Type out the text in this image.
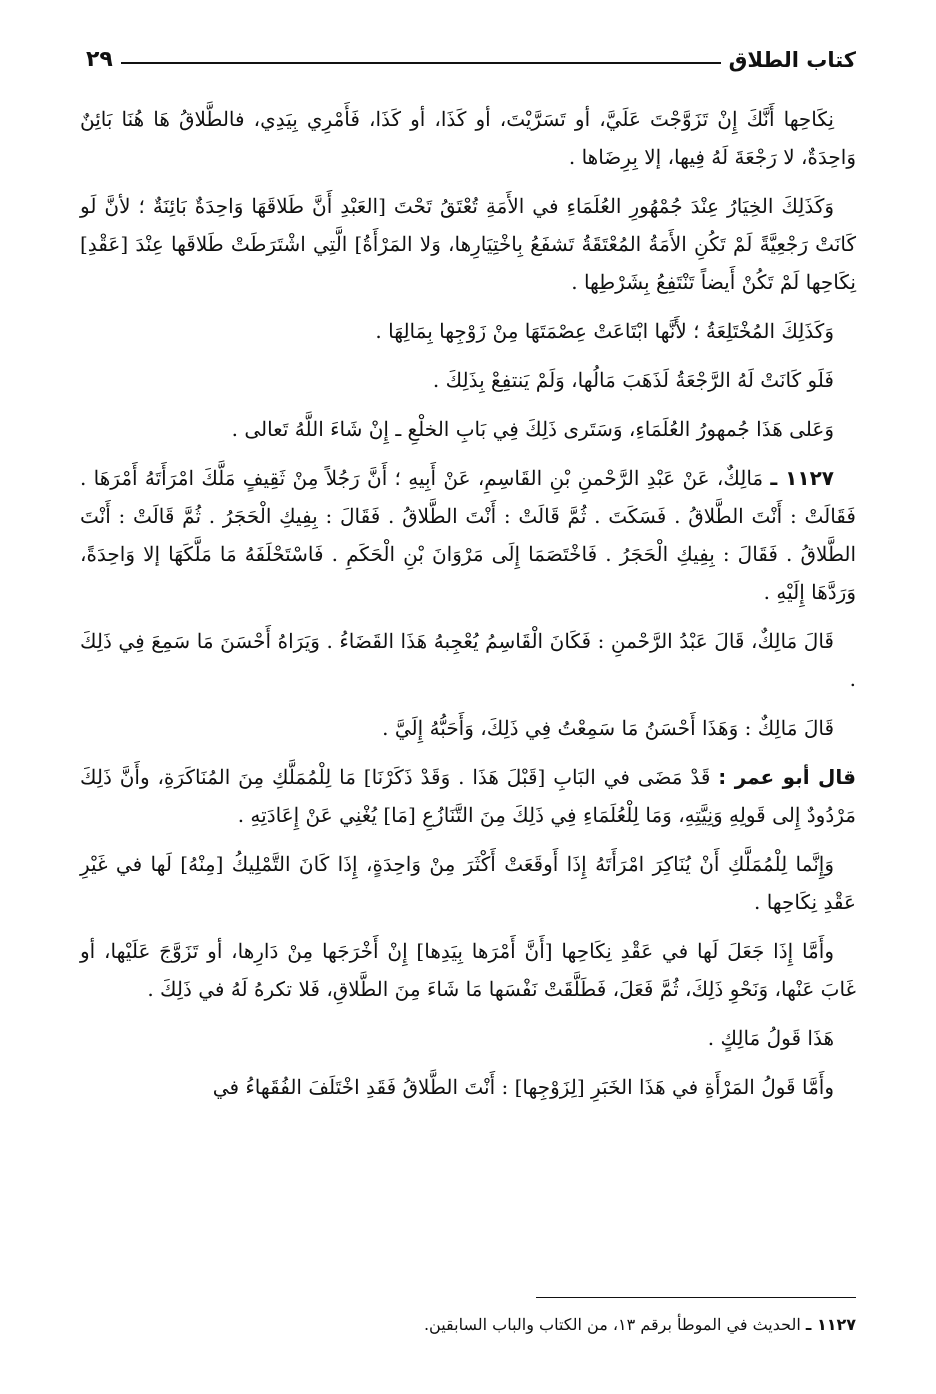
كتاب الطلاق
٢٩

نِكَاحِها أَنَّكَ إِنْ تَزَوَّجْتَ عَلَيَّ، أو تَسَرَّيْتَ، أو كَذَا، أو كَذَا، فَأَمْرِي بِيَدِي، فالطَّلاقُ هَا هُنَا بَائِنٌ وَاحِدَةٌ، لا رَجْعَةَ لَهُ فِيها، إلا بِرِضَاها .

وَكَذَلِكَ الخِيَارُ عِنْدَ جُمْهُورِ العُلَمَاءِ في الأَمَةِ تُعْتَقُ تَحْتَ [العَبْدِ أَنَّ طَلاقَهَا وَاحِدَةٌ بَائِنَةٌ ؛ لأنَّ لَو كَانَتْ رَجْعِيَّةً لَمْ تَكُنِ الأَمَةُ المُعْتَقَةُ تَشفَعُ بِاخْتِيَارِها، وَلا المَرْأَةُ] الَّتِي اشْتَرَطَتْ طَلاقَها عِنْدَ [عَقْدِ] نِكَاحِها لَمْ تَكُنْ أَيضاً تَنْتَفِعُ بِشَرْطِها .

وَكَذَلِكَ المُخْتَلِعَةُ ؛ لأَنَّها ابْتَاعَتْ عِصْمَتَهَا مِنْ زَوْجِها بِمَالِهَا .

فَلَو كَانَتْ لَهُ الرَّجْعَةُ لَذَهَبَ مَالُها، وَلَمْ يَنتفِعْ بِذَلِكَ .

وَعَلى هَذَا جُمهورُ العُلَمَاءِ، وَسَتَرى ذَلِكَ فِي بَابِ الخلْعِ ـ إِنْ شَاءَ اللَّهُ تَعالى .

١١٢٧ ـ مَالِكٌ، عَنْ عَبْدِ الرَّحْمنِ بْنِ القَاسِمِ، عَنْ أَبِيهِ ؛ أَنَّ رَجُلاً مِنْ ثَقِيفٍ مَلَّكَ امْرَأَتَهُ أَمْرَهَا . فَقَالَتْ : أَنْتَ الطَّلاقُ . فَسَكَتَ . ثُمَّ قَالَتْ : أَنْتَ الطَّلاقُ . فَقَالَ : بِفِيكِ الْحَجَرُ . ثُمَّ قَالَتْ : أَنْتَ الطَّلاقُ . فَقَالَ : بِفِيكِ الْحَجَرُ . فَاخْتَصَمَا إِلَى مَرْوَانَ بْنِ الْحَكَمِ . فَاسْتَحْلَفَهُ مَا مَلَّكَهَا إلا وَاحِدَةً، وَرَدَّهَا إِلَيْهِ .

قَالَ مَالِكٌ، قَالَ عَبْدُ الرَّحْمنِ : فَكَانَ الْقَاسِمُ يُعْجِبهُ هَذَا القَضَاءُ . وَيَرَاهُ أَحْسَنَ مَا سَمِعَ فِي ذَلِكَ .

قَالَ مَالِكٌ : وَهَذَا أَحْسَنُ مَا سَمِعْتُ فِي ذَلِكَ، وَأَحَبُّهُ إِلَيَّ .

قال أبو عمر : قَدْ مَضَى في البَابِ [قَبْلَ هَذَا . وَقَدْ ذَكَرْنَا] مَا لِلْمُمَلَّكِ مِنَ المُنَاكَرَةِ، وأَنَّ ذَلِكَ مَرْدُودٌ إِلى قَولِهِ وَنِيَّتِهِ، وَمَا لِلْعُلَمَاءِ فِي ذَلِكَ مِنَ التَّنَازُعِ [مَا] يُغْنِي عَنْ إِعَادَتِهِ .

وَإِنَّما لِلْمُمَلَّكِ أَنْ يُنَاكِرَ امْرَأَتَهُ إِذَا أَوقَعَتْ أَكْثَرَ مِنْ وَاحِدَةٍ، إِذَا كَانَ التَّمْلِيكُ [مِنْهُ] لَها في غَيْرِ عَقْدِ نِكَاحِها .

وأَمَّا إِذَا جَعَلَ لَها في عَقْدِ نِكَاحِها [أَنَّ أَمْرَها بِيَدِها] إِنْ أَخْرَجَها مِنْ دَارِها، أو تَزَوَّجَ عَلَيْها، أو غَابَ عَنْها، وَنَحْوِ ذَلِكَ، ثُمَّ فَعَلَ، فَطَلَّقَتْ نَفْسَها مَا شَاءَ مِنَ الطَّلاقِ، فَلا تكرهُ لَهُ في ذَلِكَ .

هَذَا قَولُ مَالِكٍ .

وأَمَّا قَولُ المَرْأَةِ في هَذَا الخَبَرِ [لِزَوْجِها] : أَنْتَ الطَّلاقُ فَقَدِ اخْتَلَفَ الفُقَهاءُ في

١١٢٧ ـ الحديث في الموطأ برقم ١٣، من الكتاب والباب السابقين.
